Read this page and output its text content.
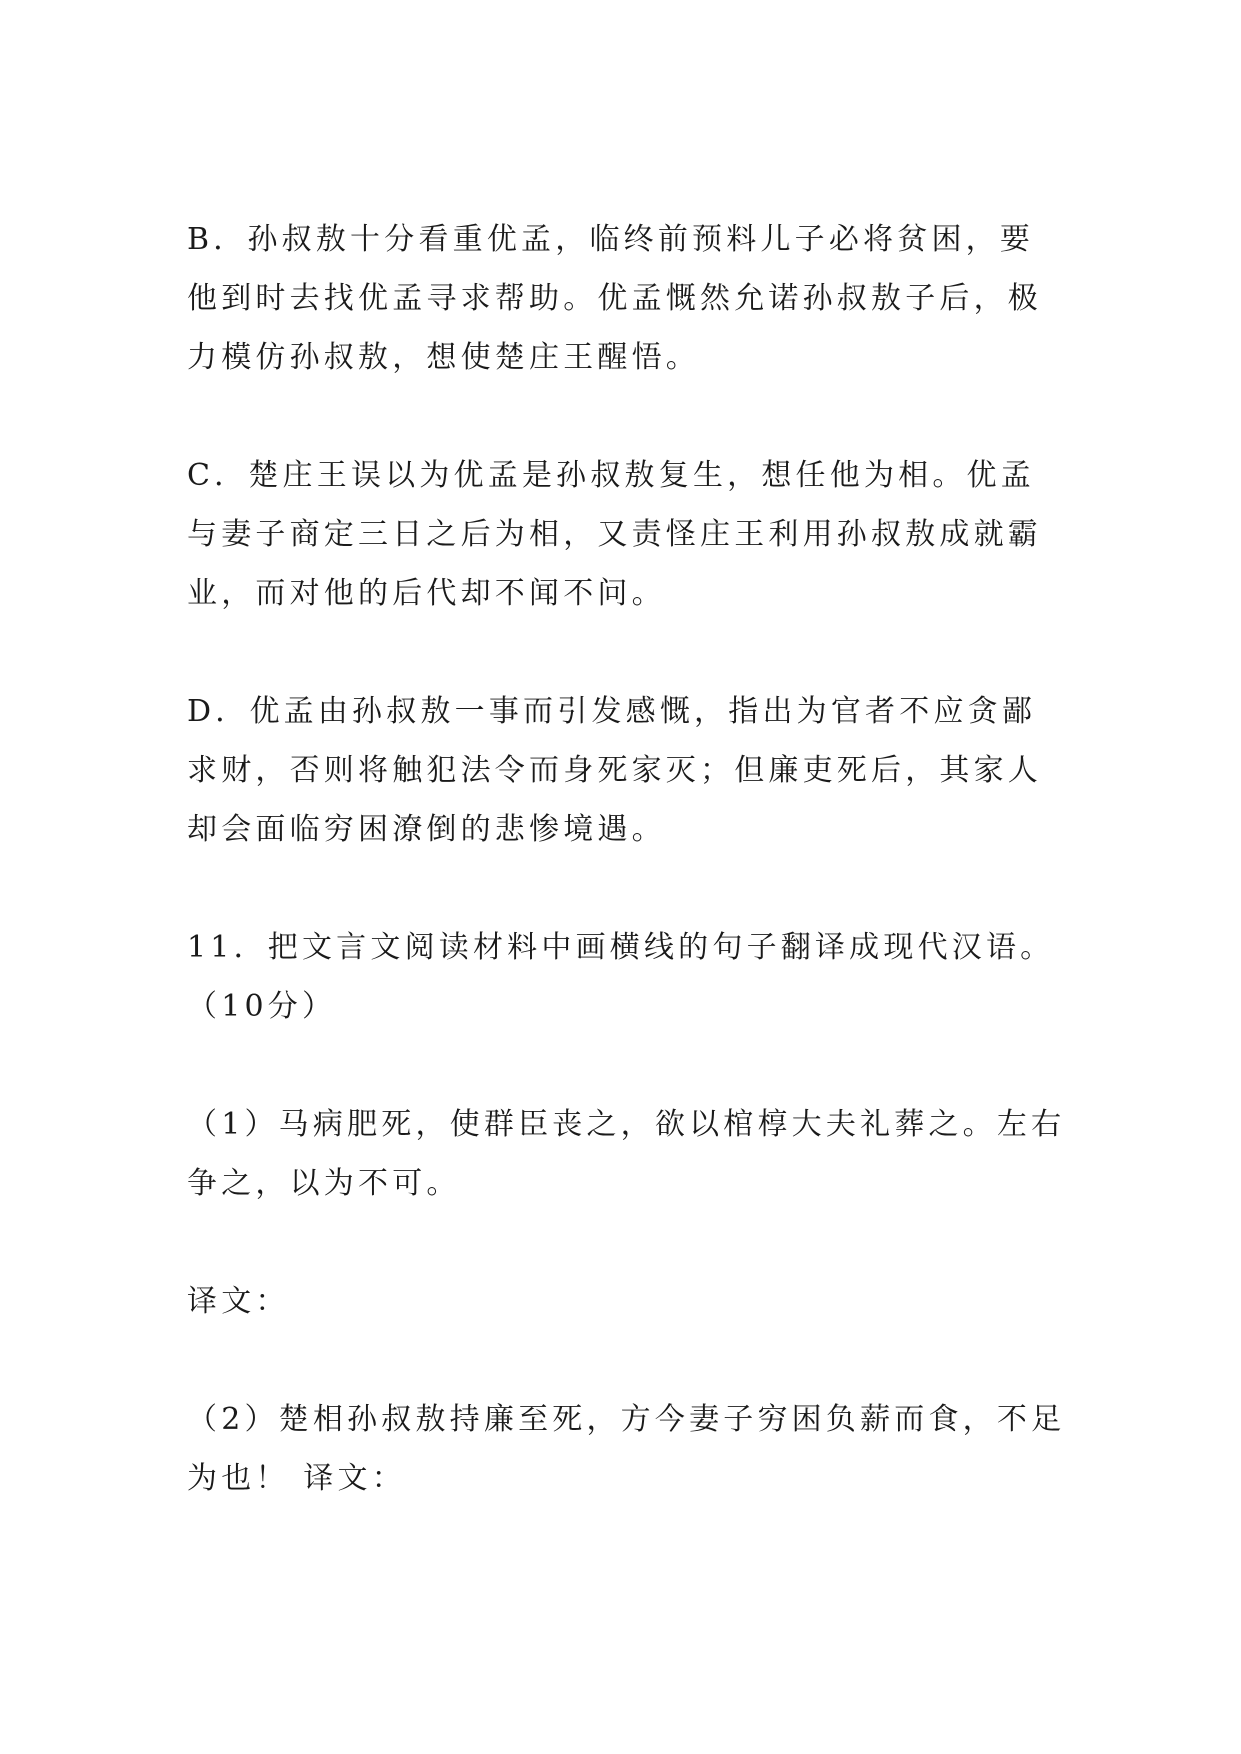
B．孙叔敖十分看重优孟，临终前预料儿子必将贫困，要他到时去找优孟寻求帮助。优孟慨然允诺孙叔敖子后，极力模仿孙叔敖，想使楚庄王醒悟。

C．楚庄王误以为优孟是孙叔敖复生，想任他为相。优孟与妻子商定三日之后为相，又责怪庄王利用孙叔敖成就霸业，而对他的后代却不闻不问。

D．优孟由孙叔敖一事而引发感慨，指出为官者不应贪鄙求财，否则将触犯法令而身死家灭；但廉吏死后，其家人却会面临穷困潦倒的悲惨境遇。

11．把文言文阅读材料中画横线的句子翻译成现代汉语。（10分）

（1）马病肥死，使群臣丧之，欲以棺椁大夫礼葬之。左右争之，以为不可。

译文：

（2）楚相孙叔敖持廉至死，方今妻子穷困负薪而食，不足为也！ 译文：
